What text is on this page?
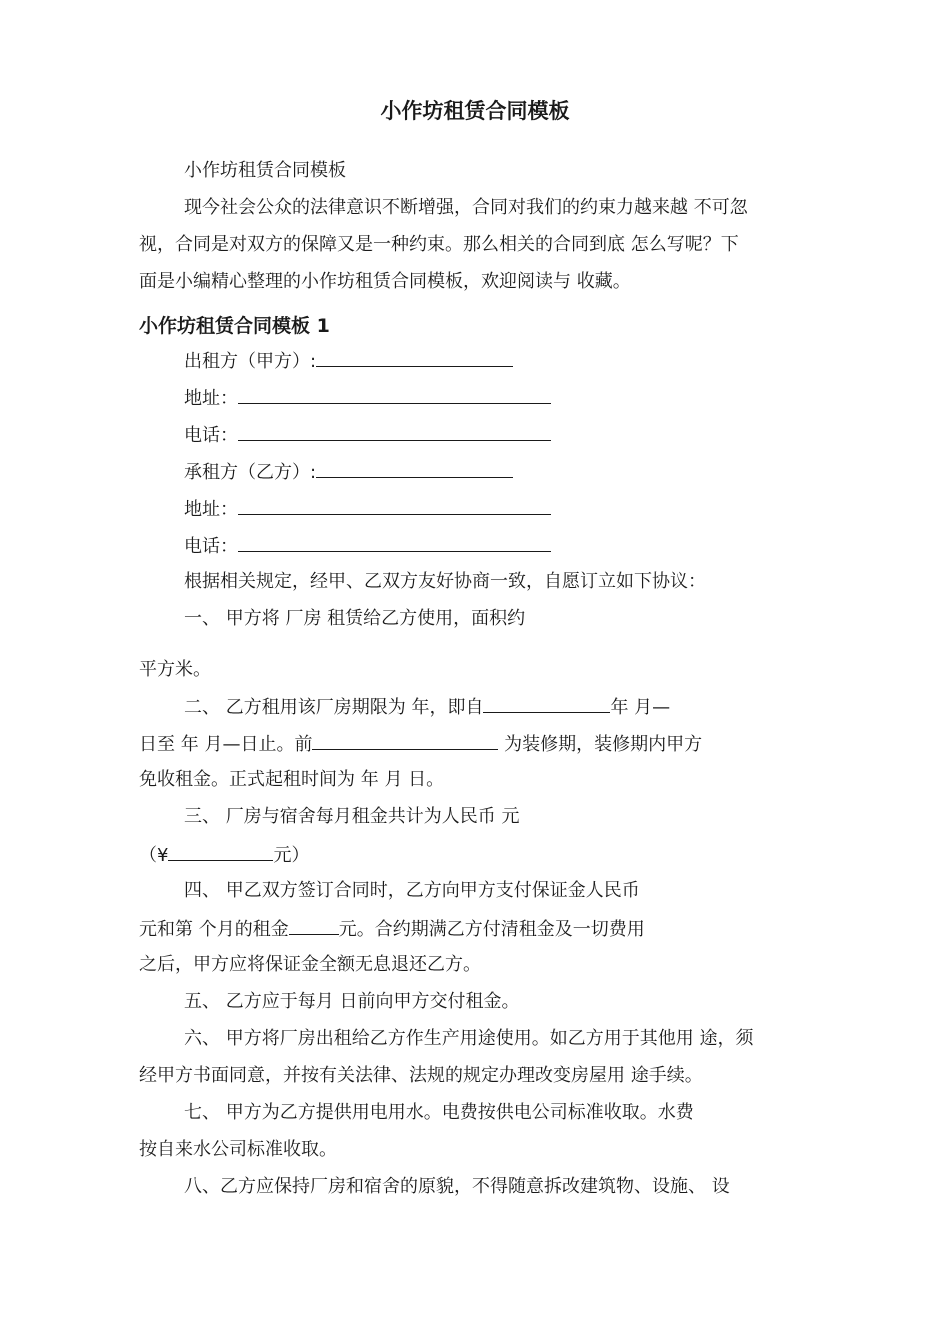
小作坊租赁合同模板
小作坊租赁合同模板
现今社会公众的法律意识不断增强，合同对我们的约束力越来越 不可忽
视，合同是对双方的保障又是一种约束。那么相关的合同到底 怎么写呢？下
面是小编精心整理的小作坊租赁合同模板，欢迎阅读与 收藏。
小作坊租赁合同模板 1
出租方（甲方）:
地址：
电话：
承租方（乙方）:
地址：
电话：
根据相关规定，经甲、乙双方友好协商一致，自愿订立如下协议：
一、 甲方将 厂房 租赁给乙方使用，面积约
平方米。
二、 乙方租用该厂房期限为 年，即自	年 月—
日至 年 月—日止。前	为装修期，装修期内甲方
免收租金。正式起租时间为 年 月 日。
三、 厂房与宿舍每月租金共计为人民币 元
（¥	元）
四、 甲乙双方签订合同时，乙方向甲方支付保证金人民币
元和第 个月的租金	元。合约期满乙方付清租金及一切费用
之后，甲方应将保证金全额无息退还乙方。
五、 乙方应于每月 日前向甲方交付租金。
六、 甲方将厂房出租给乙方作生产用途使用。如乙方用于其他用 途，须
经甲方书面同意，并按有关法律、法规的规定办理改变房屋用 途手续。
七、 甲方为乙方提供用电用水。电费按供电公司标准收取。水费
按自来水公司标准收取。
八、乙方应保持厂房和宿舍的原貌，不得随意拆改建筑物、设施、 设
